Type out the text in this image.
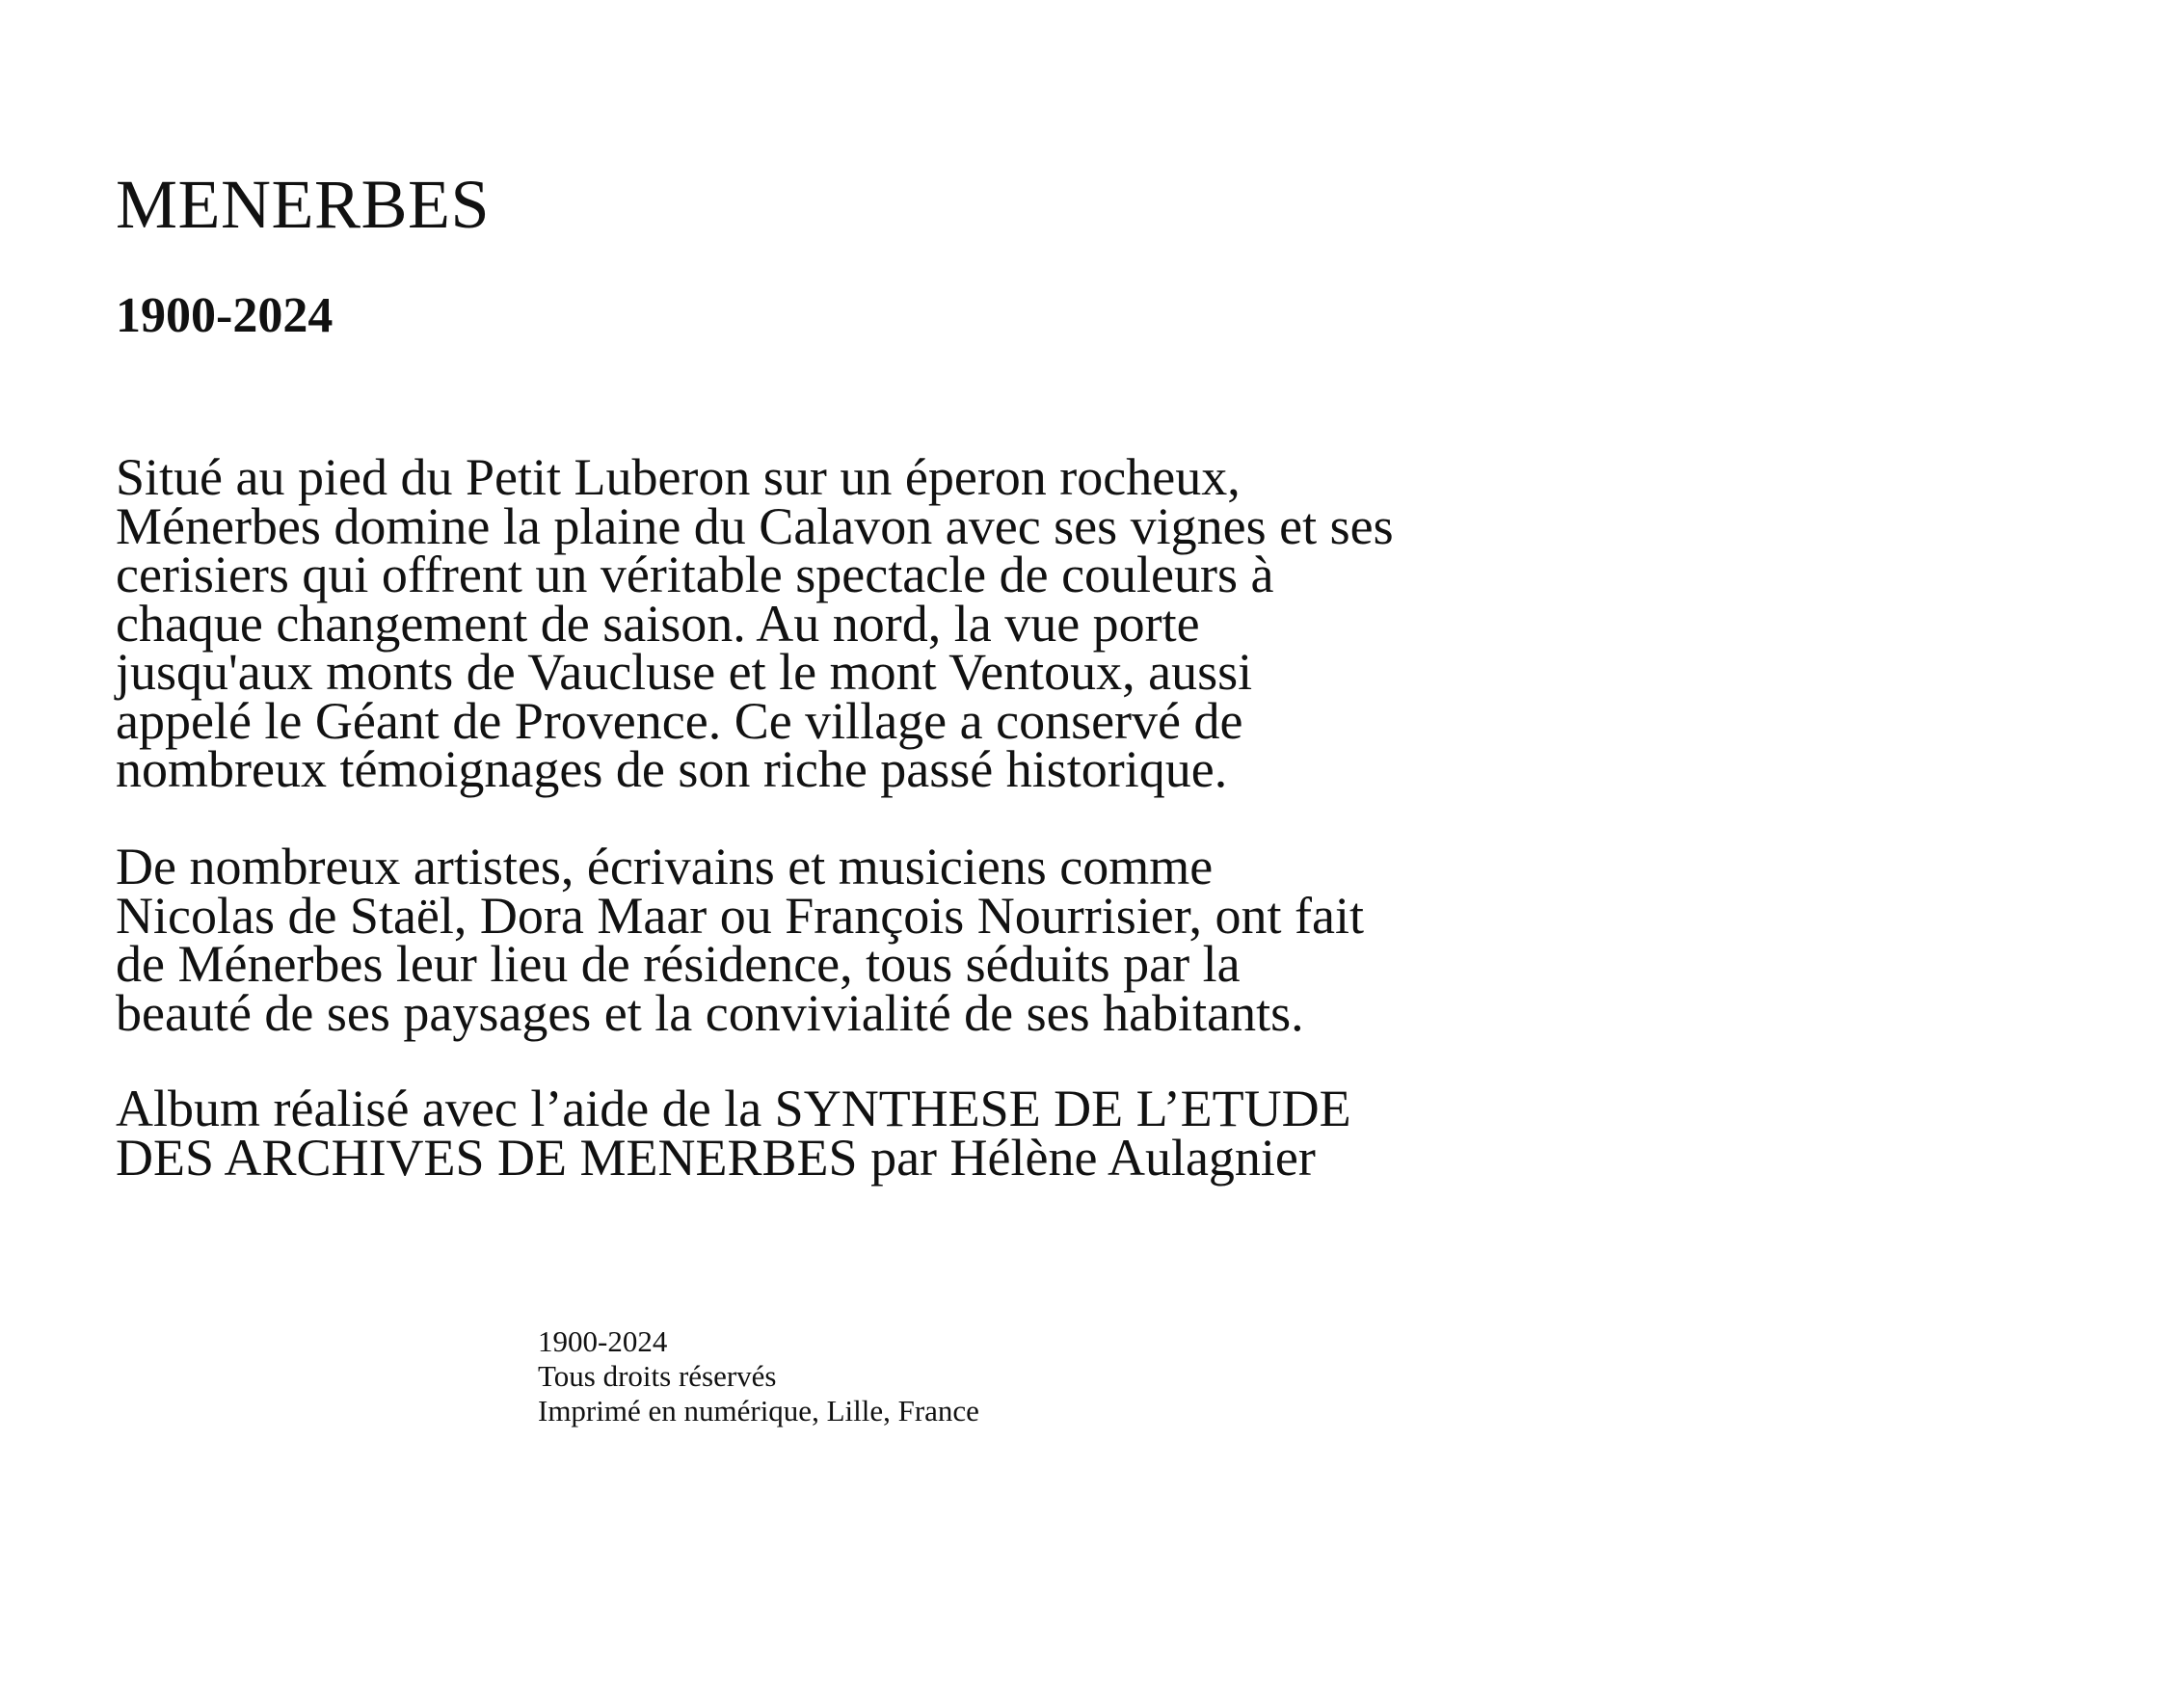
MENERBES
1900-2024

Situé au pied du Petit Luberon sur un éperon rocheux,
Ménerbes domine la plaine du Calavon avec ses vignes et ses
cerisiers qui offrent un véritable spectacle de couleurs à
chaque changement de saison. Au nord, la vue porte
jusqu'aux monts de Vaucluse et le mont Ventoux, aussi
appelé le Géant de Provence. Ce village a conservé de
nombreux témoignages de son riche passé historique.

De nombreux artistes, écrivains et musiciens comme
Nicolas de Staël, Dora Maar ou François Nourrisier, ont fait
de Ménerbes leur lieu de résidence, tous séduits par la
beauté de ses paysages et la convivialité de ses habitants.

Album réalisé avec l’aide de la SYNTHESE DE L’ETUDE
DES ARCHIVES DE MENERBES par Hélène Aulagnier

1900-2024
Tous droits réservés
Imprimé en numérique, Lille, France
